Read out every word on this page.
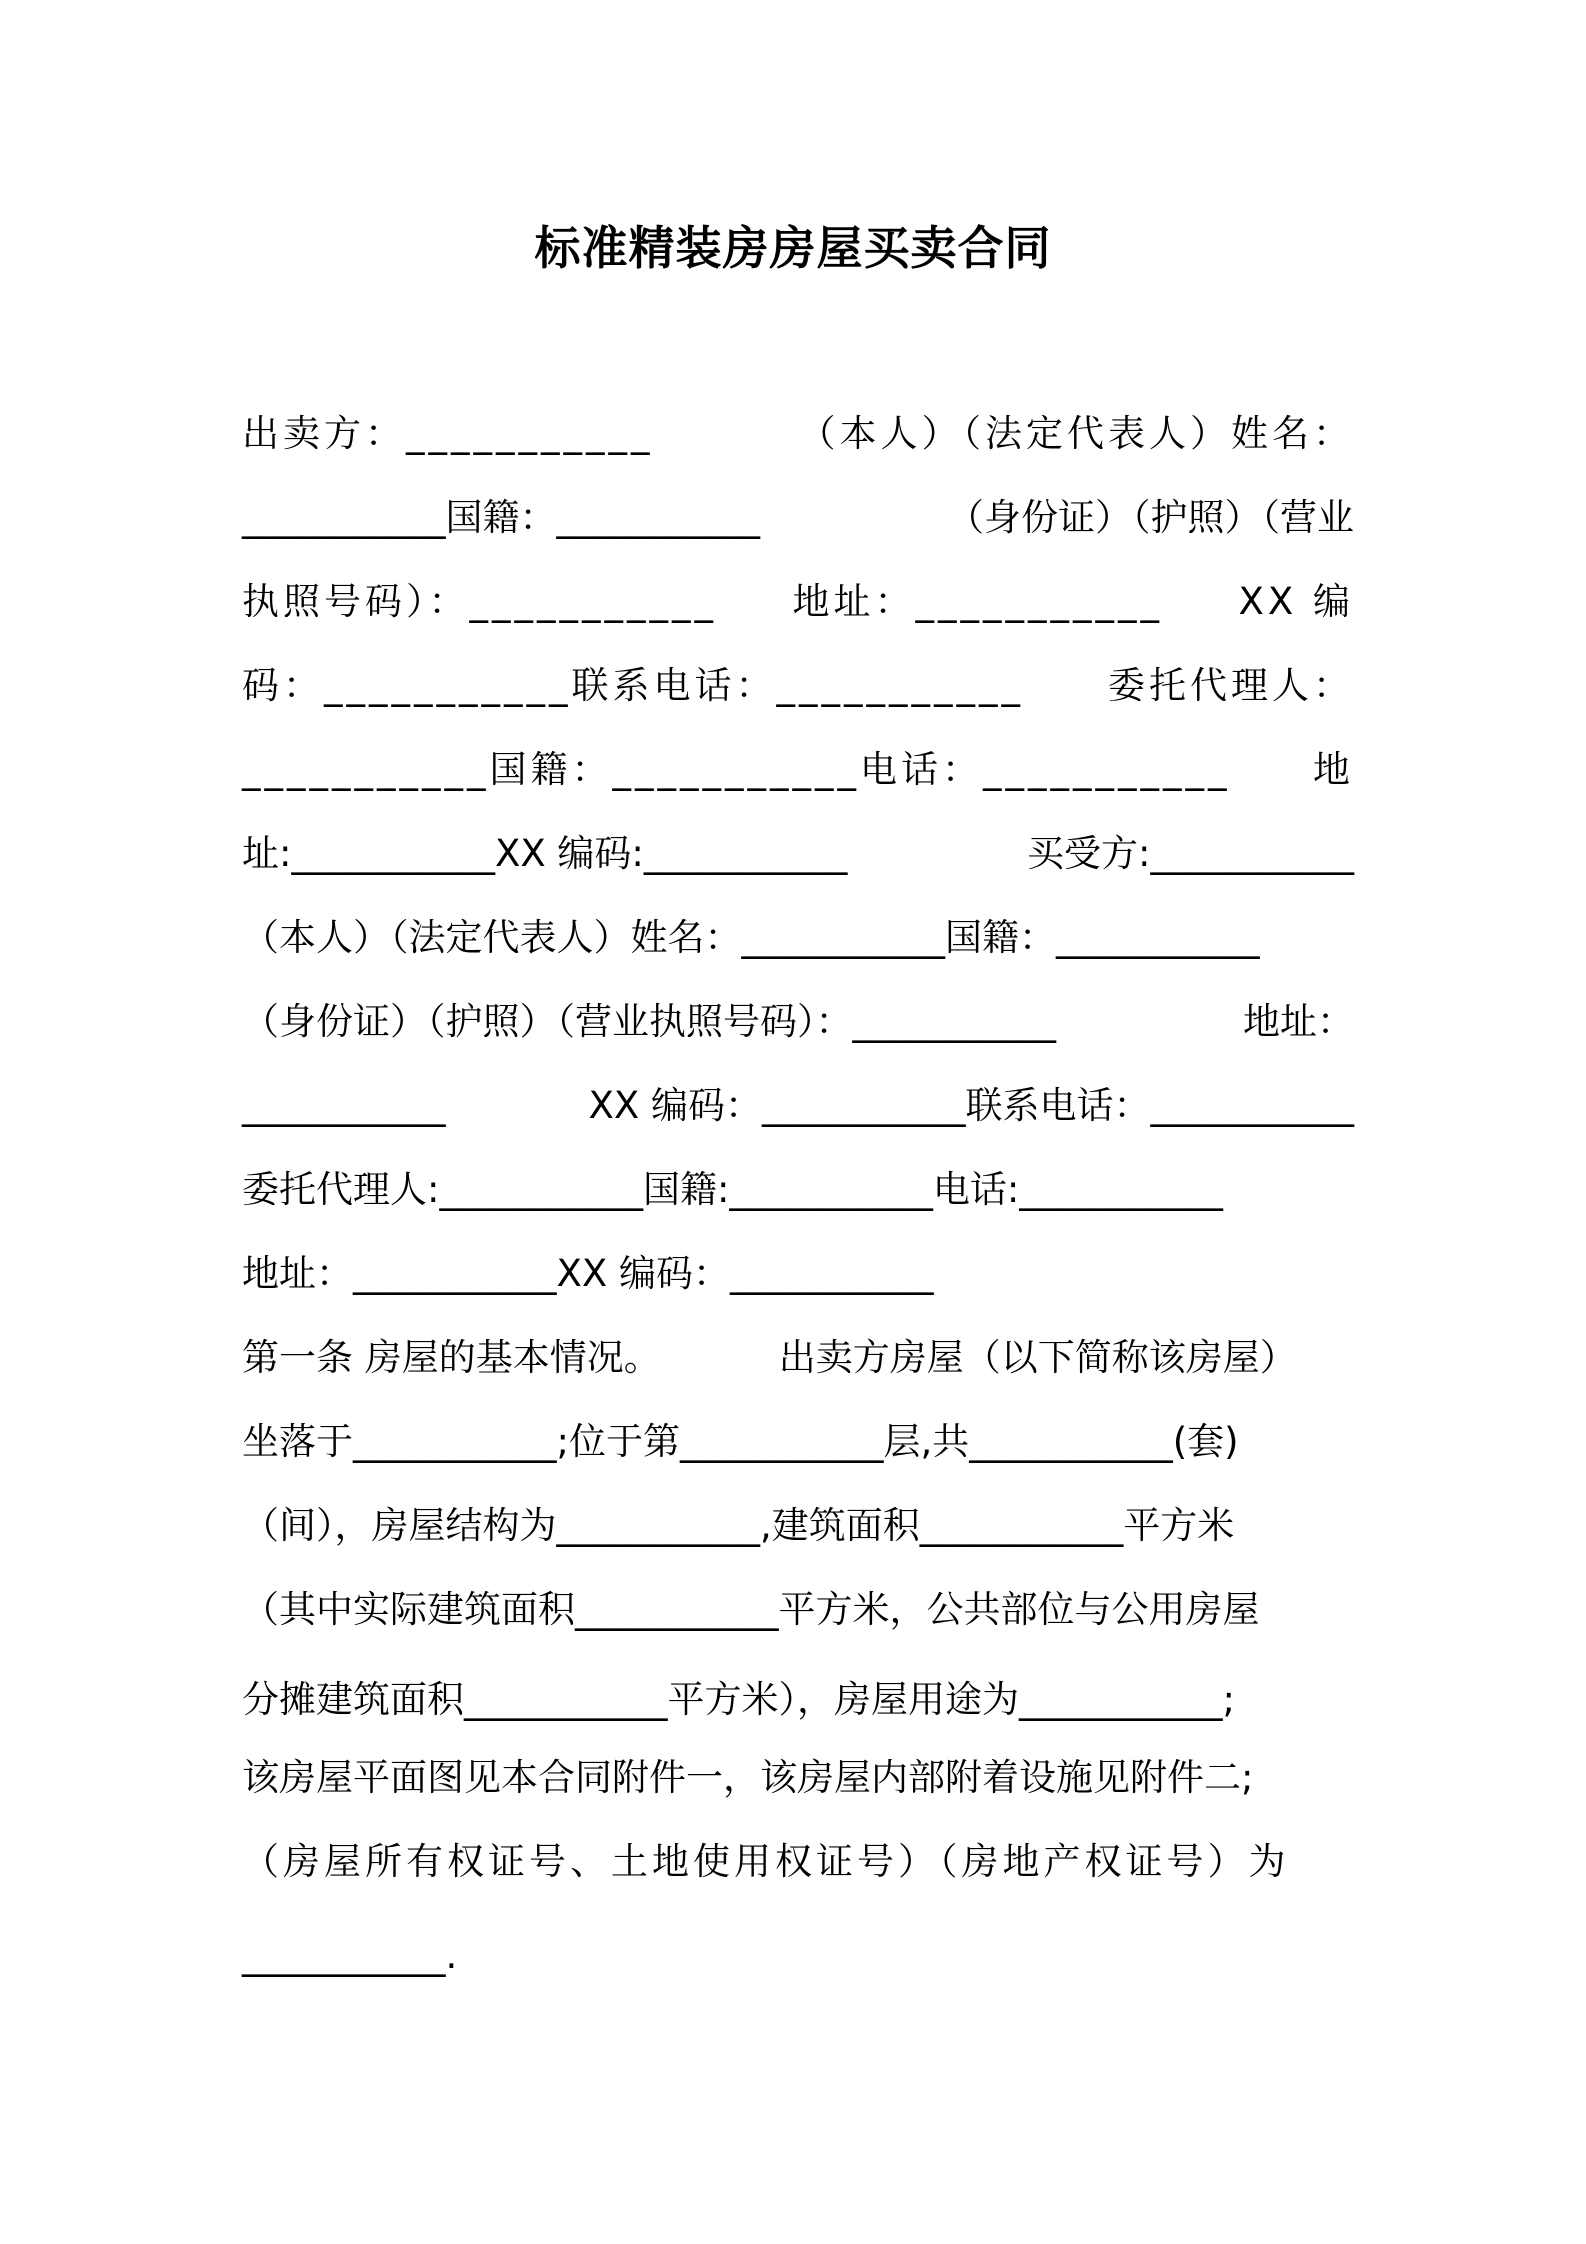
标准精装房房屋买卖合同
出卖方：___________	（本人）（法定代表人）姓名：
___________国籍：___________	（身份证）（护照）（营业
执照号码）：___________ 地址：___________ XX 编
码：___________联系电话：___________ 委托代理人：
___________国籍：___________电话：___________ 地
址:___________XX 编码:___________	买受方:___________
（本人）（法定代表人）姓名：___________国籍：___________
（身份证）（护照）（营业执照号码）：___________	地址：
___________	XX 编码：___________联系电话：___________
委托代理人:___________国籍:___________电话:___________
地址：___________XX 编码：___________
第一条 房屋的基本情况。	出卖方房屋（以下简称该房屋）
坐落于___________;位于第___________层,共___________(套)
（间），房屋结构为___________,建筑面积___________平方米
（其中实际建筑面积___________平方米，公共部位与公用房屋
分摊建筑面积___________平方米），房屋用途为___________;
该房屋平面图见本合同附件一，该房屋内部附着设施见附件二;
（房屋所有权证号、土地使用权证号）（房地产权证号）为
___________.
